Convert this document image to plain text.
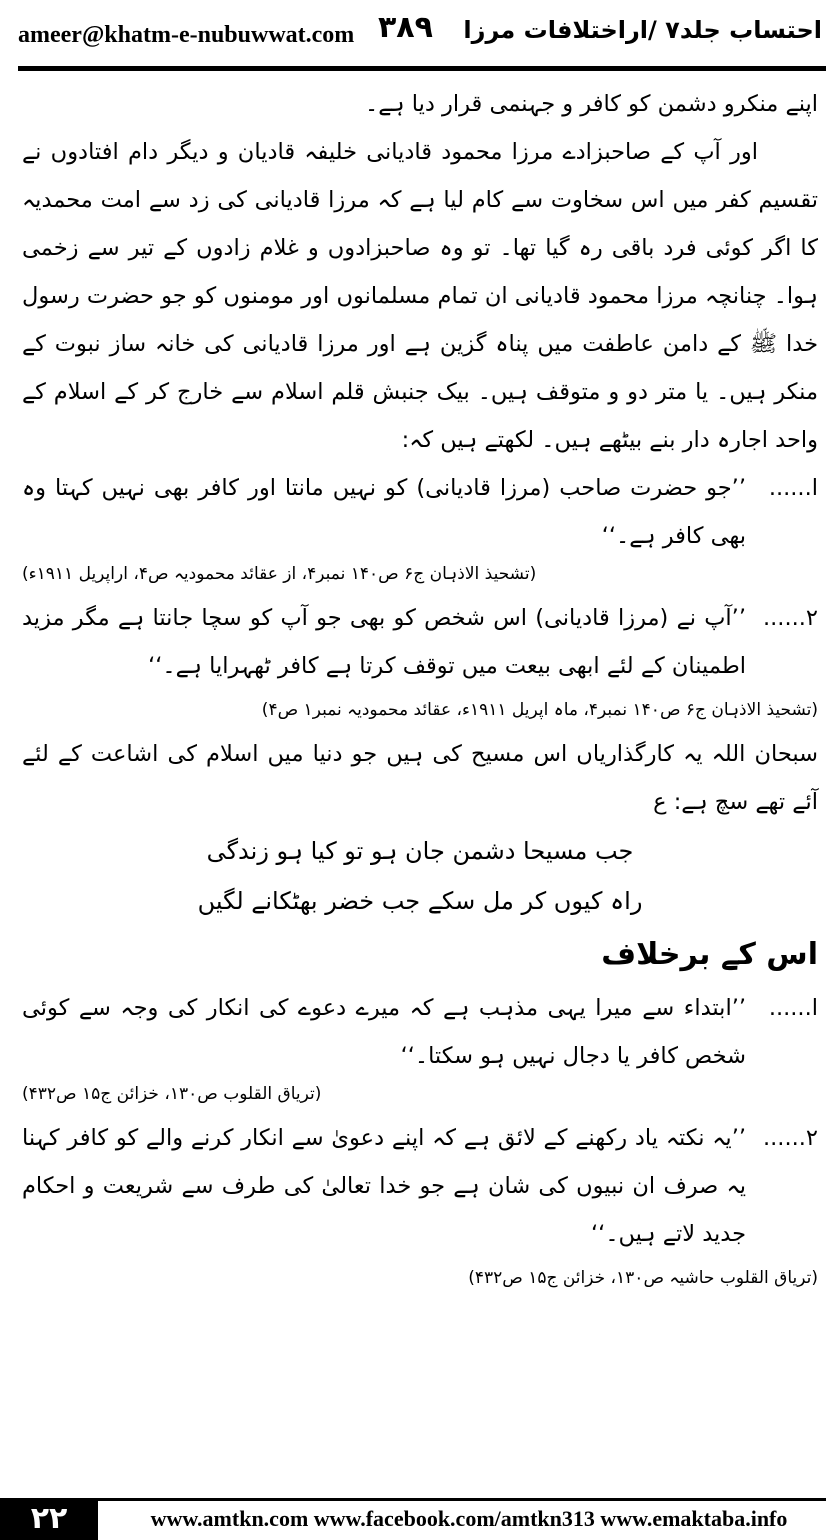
ameer@khatm-e-nubuwwat.com ۳۸۹ احتساب جلد۷ /اراختلافات مرزا

اپنے منکرو دشمن کو کافر و جہنمی قرار دیا ہے۔

اور آپ کے صاحبزادے مرزا محمود قادیانی خلیفہ قادیان و دیگر دام افتادوں نے تقسیم کفر میں اس سخاوت سے کام لیا ہے کہ مرزا قادیانی کی زد سے امت محمدیہ کا اگر کوئی فرد باقی رہ گیا تھا۔ تو وہ صاحبزادوں و غلام زادوں کے تیر سے زخمی ہوا۔ چنانچہ مرزا محمود قادیانی ان تمام مسلمانوں اور مومنوں کو جو حضرت رسول خدا ﷺ کے دامن عاطفت میں پناہ گزین ہے اور مرزا قادیانی کی خانہ ساز نبوت کے منکر ہیں۔ یا متر دو و متوقف ہیں۔ بیک جنبش قلم اسلام سے خارج کر کے اسلام کے واحد اجارہ دار بنے بیٹھے ہیں۔ لکھتے ہیں کہ:

ا......
’’جو حضرت صاحب (مرزا قادیانی) کو نہیں مانتا اور کافر بھی نہیں کہتا وہ بھی کافر ہے۔‘‘
(تشحیذ الاذہان ج۶ ص۱۴۰ نمبر۴، از عقائد محمودیہ ص۴، اراپریل ۱۹۱۱ء)
۲......
’’آپ نے (مرزا قادیانی) اس شخص کو بھی جو آپ کو سچا جانتا ہے مگر مزید اطمینان کے لئے ابھی بیعت میں توقف کرتا ہے کافر ٹھہرایا ہے۔‘‘

(تشحیذ الاذہان ج۶ ص۱۴۰ نمبر۴، ماہ اپریل ۱۹۱۱ء، عقائد محمودیہ نمبر۱ ص۴)

سبحان اللہ یہ کارگذاریاں اس مسیح کی ہیں جو دنیا میں اسلام کی اشاعت کے لئے آئے تھے سچ ہے: ع

جب مسیحا دشمن جان ہو تو کیا ہو زندگی

راہ کیوں کر مل سکے جب خضر بھٹکانے لگیں

اس کے برخلاف

ا......
’’ابتداء سے میرا یہی مذہب ہے کہ میرے دعوے کی انکار کی وجہ سے کوئی شخص کافر یا دجال نہیں ہو سکتا۔‘‘
(تریاق القلوب ص۱۳۰، خزائن ج۱۵ ص۴۳۲)
۲......
’’یہ نکتہ یاد رکھنے کے لائق ہے کہ اپنے دعویٰ سے انکار کرنے والے کو کافر کہنا یہ صرف ان نبیوں کی شان ہے جو خدا تعالیٰ کی طرف سے شریعت و احکام جدید لاتے ہیں۔‘‘

(تریاق القلوب حاشیہ ص۱۳۰، خزائن ج۱۵ ص۴۳۲)

۲۲	www.amtkn.com www.facebook.com/amtkn313 www.emaktaba.info
